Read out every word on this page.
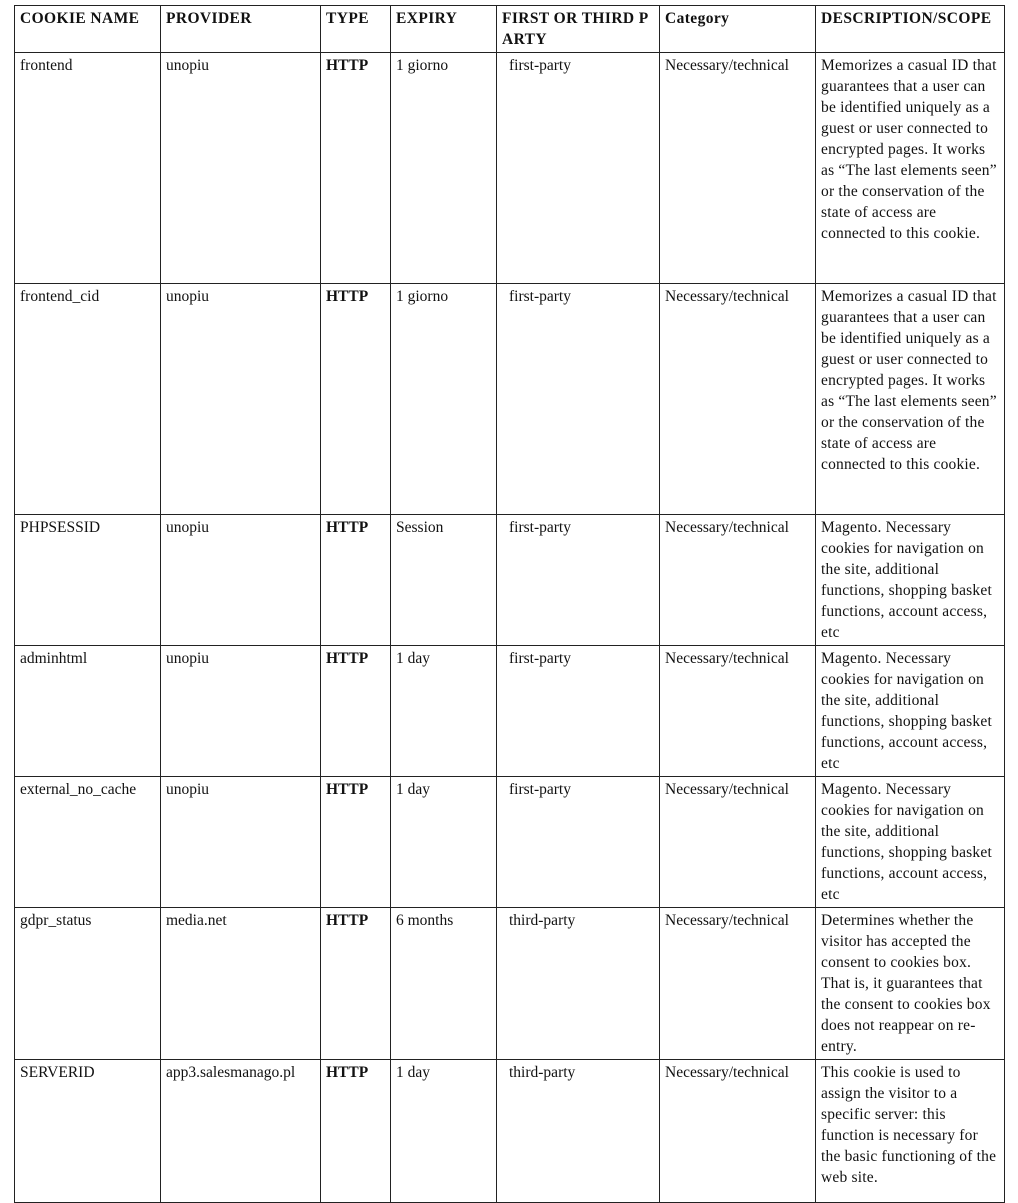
COOKIE NAME	PROVIDER	TYPE	EXPIRY	FIRST OR THIRD PARTY	Category	DESCRIPTION/SCOPE
frontend	unopiu	HTTP	1 giorno	first-party	Necessary/technical	Memorizes a casual ID that guarantees that a user can be identified uniquely as a guest or user connected to encrypted pages. It works as “The last elements seen” or the conservation of the state of access are connected to this cookie.
frontend_cid	unopiu	HTTP	1 giorno	first-party	Necessary/technical	Memorizes a casual ID that guarantees that a user can be identified uniquely as a guest or user connected to encrypted pages. It works as “The last elements seen” or the conservation of the state of access are connected to this cookie.
PHPSESSID	unopiu	HTTP	Session	first-party	Necessary/technical	Magento. Necessary cookies for navigation on the site, additional functions, shopping basket functions, account access, etc
adminhtml	unopiu	HTTP	1 day	first-party	Necessary/technical	Magento. Necessary cookies for navigation on the site, additional functions, shopping basket functions, account access, etc
external_no_cache	unopiu	HTTP	1 day	first-party	Necessary/technical	Magento. Necessary cookies for navigation on the site, additional functions, shopping basket functions, account access, etc
gdpr_status	media.net	HTTP	6 months	third-party	Necessary/technical	Determines whether the visitor has accepted the consent to cookies box. That is, it guarantees that the consent to cookies box does not reappear on re-entry.
SERVERID	app3.salesmanago.pl	HTTP	1 day	third-party	Necessary/technical	This cookie is used to assign the visitor to a specific server: this function is necessary for the basic functioning of the web site.
